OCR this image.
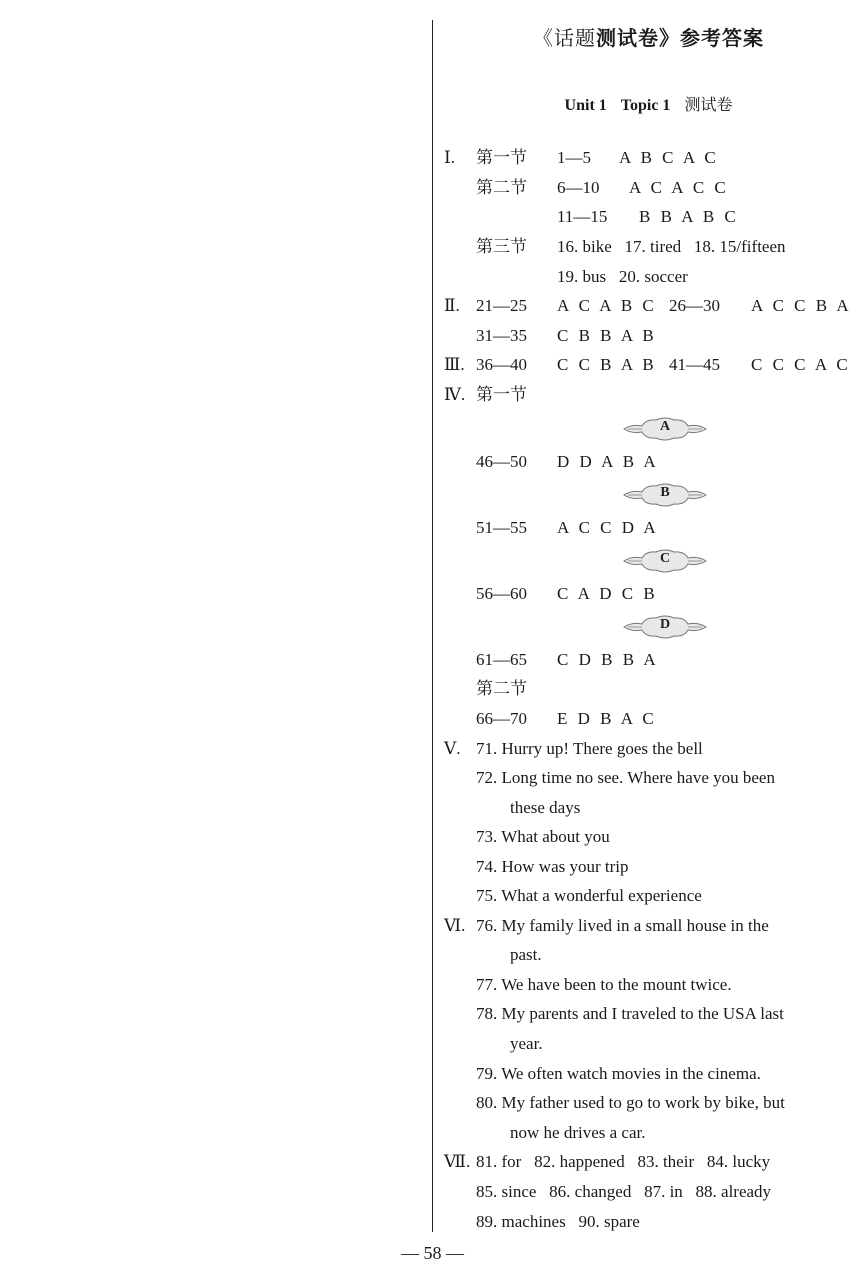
《话题测试卷》参考答案
Unit 1 Topic 1 测试卷
Ⅰ. 第一节 1—5 A B C A C
第二节 6—10 A C A C C
11—15 B B A B C
第三节 16. bike   17. tired   18. 15/fifteen
19. bus   20. soccer
Ⅱ. 21—25 A C A B C 26—30 A C C B A
31—35 C B B A B
Ⅲ. 36—40 C C B A B 41—45 C C C A C
Ⅳ. 第一节
A
46—50 D D A B A
B
51—55 A C C D A
C
56—60 C A D C B
D
61—65 C D B B A
第二节
66—70 E D B A C
Ⅴ. 71. Hurry up! There goes the bell
72. Long time no see. Where have you been
these days
73. What about you
74. How was your trip
75. What a wonderful experience
Ⅵ. 76. My family lived in a small house in the
past.
77. We have been to the mount twice.
78. My parents and I traveled to the USA last
year.
79. We often watch movies in the cinema.
80. My father used to go to work by bike, but
now he drives a car.
Ⅶ. 81. for   82. happened   83. their   84. lucky
85. since   86. changed   87. in   88. already
89. machines   90. spare
— 58 —
